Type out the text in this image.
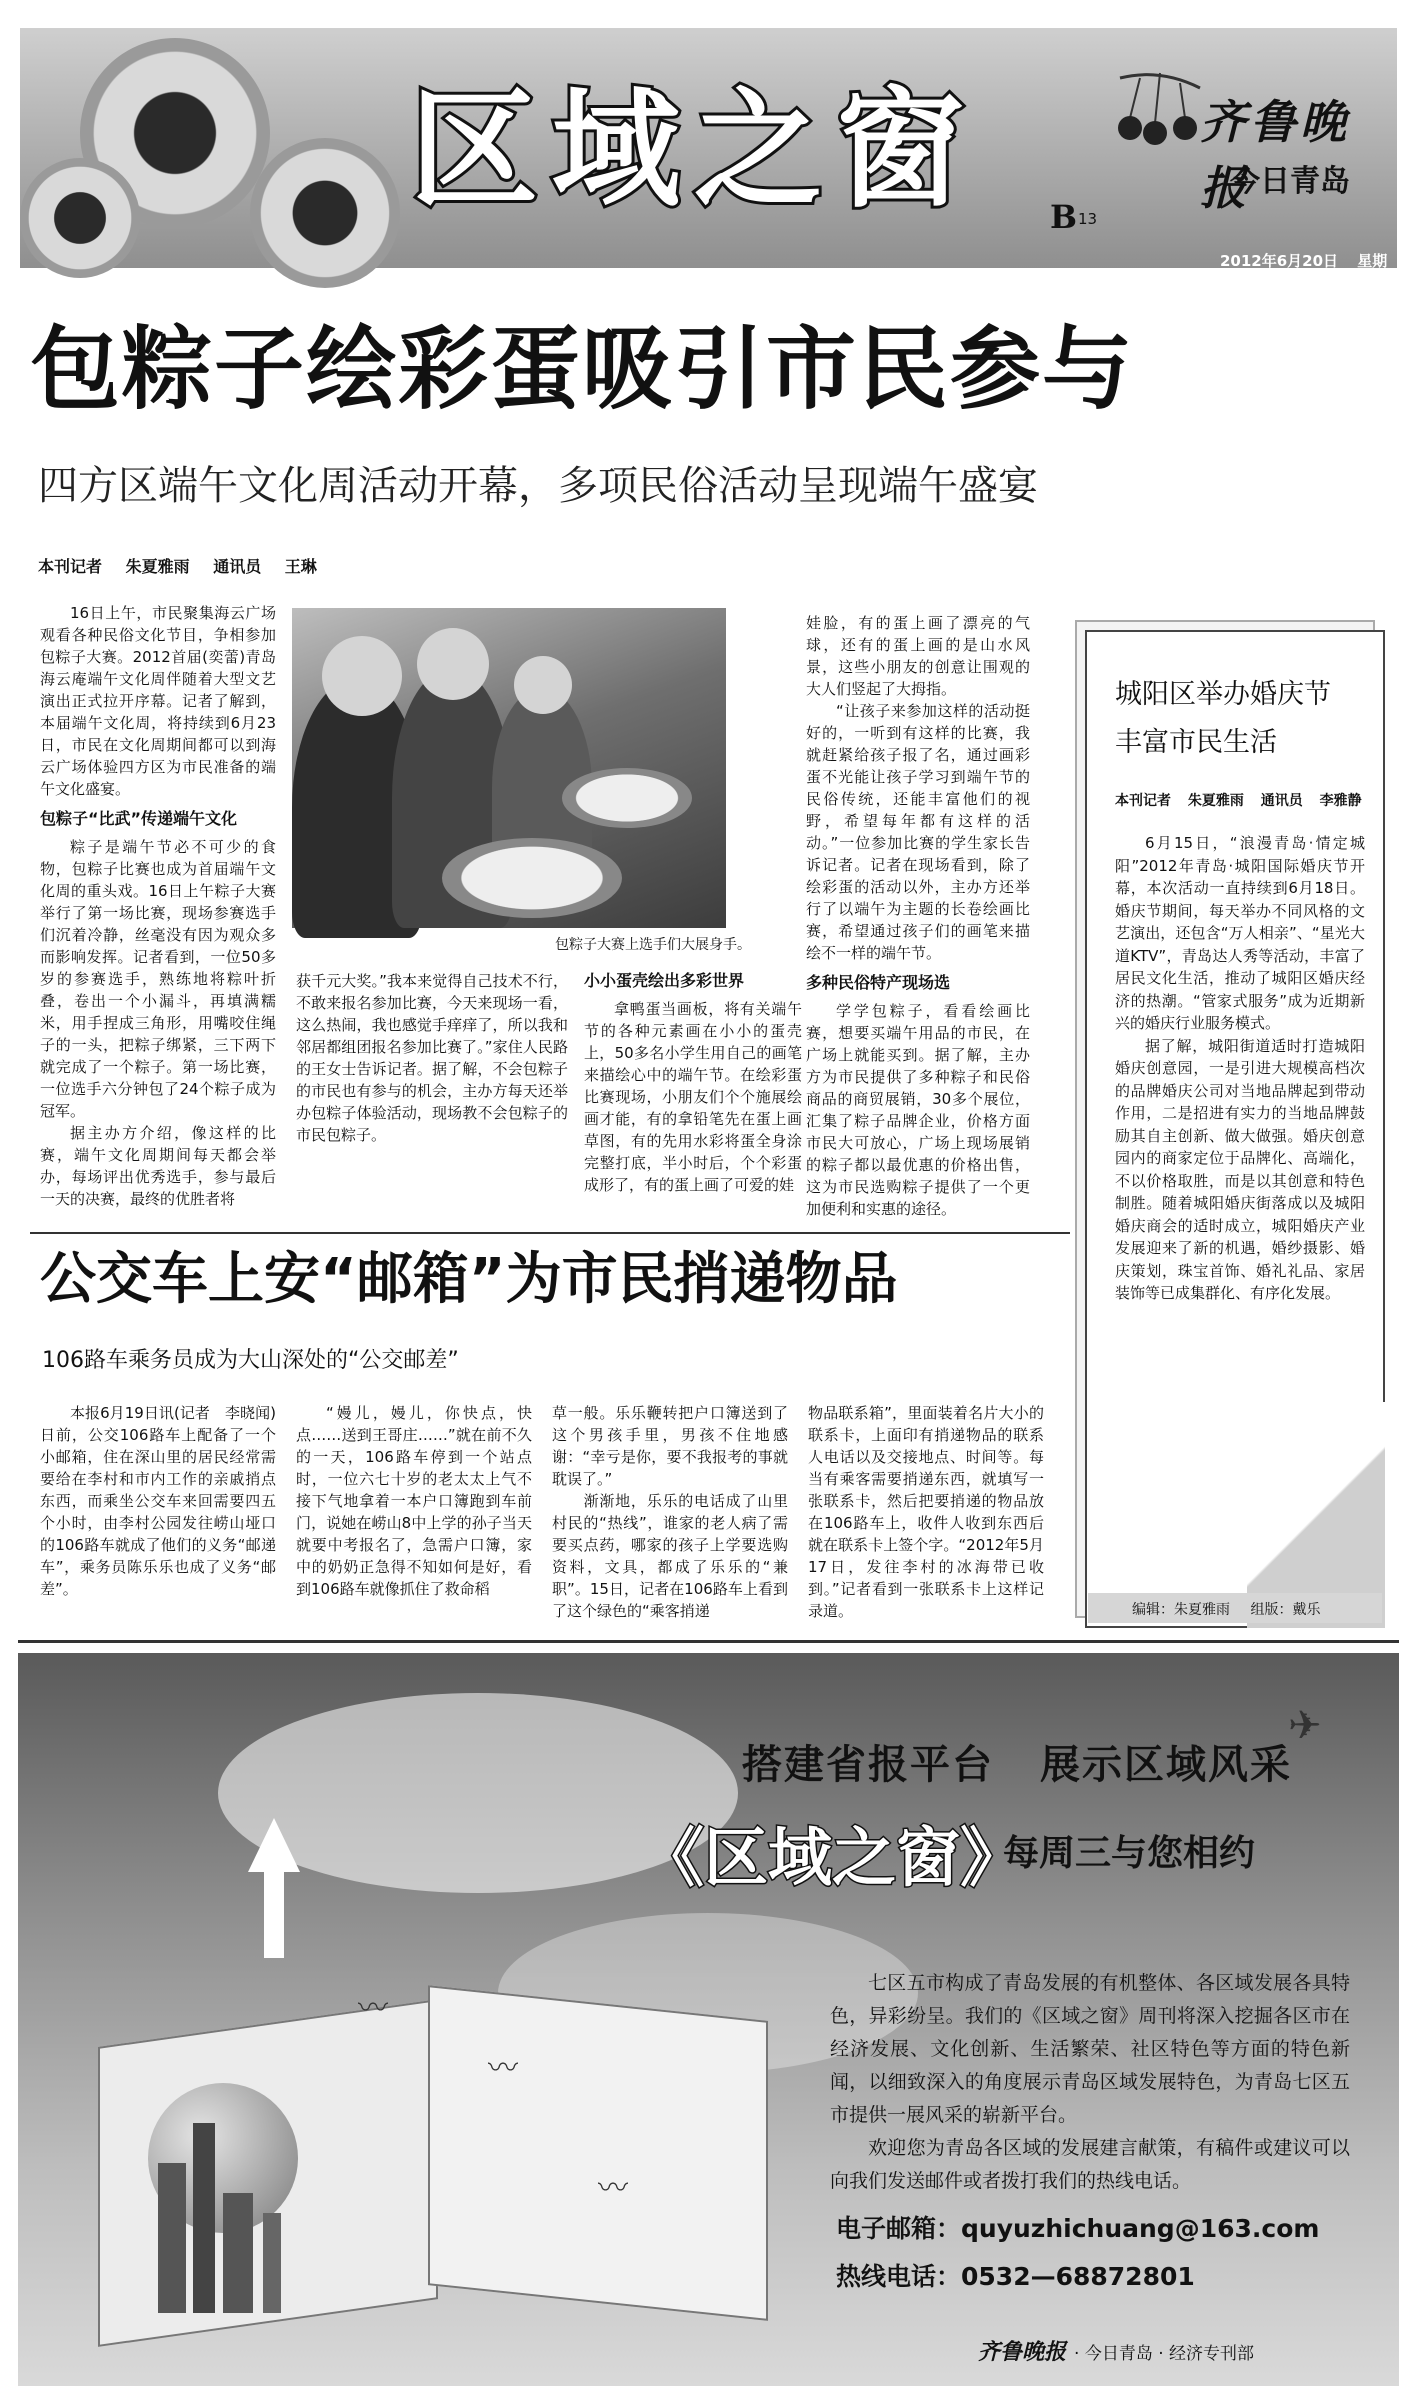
区域之窗	齐鲁晚报
今日青岛
2012年6月20日 星期三
B 13
包粽子绘彩蛋吸引市民参与
四方区端午文化周活动开幕，多项民俗活动呈现端午盛宴
本刊记者 朱夏雅雨 通讯员 王琳

16日上午，市民聚集海云广场观看各种民俗文化节目，争相参加包粽子大赛。2012首届(奕蕾)青岛海云庵端午文化周伴随着大型文艺演出正式拉开序幕。记者了解到，本届端午文化周，将持续到6月23日，市民在文化周期间都可以到海云广场体验四方区为市民准备的端午文化盛宴。

包粽子“比武”传递端午文化

粽子是端午节必不可少的食物，包粽子比赛也成为首届端午文化周的重头戏。16日上午粽子大赛举行了第一场比赛，现场参赛选手们沉着冷静，丝毫没有因为观众多而影响发挥。记者看到，一位50多岁的参赛选手，熟练地将粽叶折叠，卷出一个小漏斗，再填满糯米，用手捏成三角形，用嘴咬住绳子的一头，把粽子绑紧，三下两下就完成了一个粽子。第一场比赛，一位选手六分钟包了24个粽子成为冠军。

据主办方介绍，像这样的比赛，端午文化周期间每天都会举办，每场评出优秀选手，参与最后一天的决赛，最终的优胜者将

包粽子大赛上选手们大展身手。

获千元大奖。”我本来觉得自己技术不行，不敢来报名参加比赛，今天来现场一看，这么热闹，我也感觉手痒痒了，所以我和邻居都组团报名参加比赛了。”家住人民路的王女士告诉记者。据了解，不会包粽子的市民也有参与的机会，主办方每天还举办包粽子体验活动，现场教不会包粽子的市民包粽子。

小小蛋壳绘出多彩世界

拿鸭蛋当画板，将有关端午节的各种元素画在小小的蛋壳上，50多名小学生用自己的画笔来描绘心中的端午节。在绘彩蛋比赛现场，小朋友们个个施展绘画才能，有的拿铅笔先在蛋上画草图，有的先用水彩将蛋全身涂完整打底，半小时后，个个彩蛋成形了，有的蛋上画了可爱的娃

娃脸，有的蛋上画了漂亮的气球，还有的蛋上画的是山水风景，这些小朋友的创意让围观的大人们竖起了大拇指。

“让孩子来参加这样的活动挺好的，一听到有这样的比赛，我就赶紧给孩子报了名，通过画彩蛋不光能让孩子学习到端午节的民俗传统，还能丰富他们的视野，希望每年都有这样的活动。”一位参加比赛的学生家长告诉记者。记者在现场看到，除了绘彩蛋的活动以外，主办方还举行了以端午为主题的长卷绘画比赛，希望通过孩子们的画笔来描绘不一样的端午节。

多种民俗特产现场选

学学包粽子，看看绘画比赛，想要买端午用品的市民，在广场上就能买到。据了解，主办方为市民提供了多种粽子和民俗商品的商贸展销，30多个展位，汇集了粽子品牌企业，价格方面市民大可放心，广场上现场展销的粽子都以最优惠的价格出售，这为市民选购粽子提供了一个更加便利和实惠的途径。

城阳区举办婚庆节
丰富市民生活
本刊记者 朱夏雅雨 通讯员 李雅静

6月15日，“浪漫青岛·情定城阳”2012年青岛·城阳国际婚庆节开幕，本次活动一直持续到6月18日。婚庆节期间，每天举办不同风格的文艺演出，还包含“万人相亲”、“星光大道KTV”，青岛达人秀等活动，丰富了居民文化生活，推动了城阳区婚庆经济的热潮。“管家式服务”成为近期新兴的婚庆行业服务模式。

据了解，城阳街道适时打造城阳婚庆创意园，一是引进大规模高档次的品牌婚庆公司对当地品牌起到带动作用，二是招进有实力的当地品牌鼓励其自主创新、做大做强。婚庆创意园内的商家定位于品牌化、高端化，不以价格取胜，而是以其创意和特色制胜。随着城阳婚庆街落成以及城阳婚庆商会的适时成立，城阳婚庆产业发展迎来了新的机遇，婚纱摄影、婚庆策划，珠宝首饰、婚礼礼品、家居装饰等已成集群化、有序化发展。

编辑：朱夏雅雨 组版：戴乐
公交车上安“邮箱”为市民捎递物品
106路车乘务员成为大山深处的“公交邮差”

本报6月19日讯(记者　李晓闻)　日前，公交106路车上配备了一个小邮箱，住在深山里的居民经常需要给在李村和市内工作的亲戚捎点东西，而乘坐公交车来回需要四五个小时，由李村公园发往崂山垭口的106路车就成了他们的义务“邮递车”，乘务员陈乐乐也成了义务“邮差”。

“嫚儿，嫚儿，你快点，快点……送到王哥庄……”就在前不久的一天，106路车停到一个站点时，一位六七十岁的老太太上气不接下气地拿着一本户口簿跑到车前门，说她在崂山8中上学的孙子当天就要中考报名了，急需户口簿，家中的奶奶正急得不知如何是好，看到106路车就像抓住了救命稻

草一般。乐乐鞭转把户口簿送到了这个男孩手里，男孩不住地感谢：“幸亏是你，要不我报考的事就耽误了。”
　　渐渐地，乐乐的电话成了山里村民的“热线”，谁家的老人病了需要买点药，哪家的孩子上学要选购资料，文具，都成了乐乐的“兼职”。15日，记者在106路车上看到了这个绿色的“乘客捎递

物品联系箱”，里面装着名片大小的联系卡，上面印有捎递物品的联系人电话以及交接地点、时间等。每当有乘客需要捎递东西，就填写一张联系卡，然后把要捎递的物品放在106路车上，收件人收到东西后就在联系卡上签个字。“2012年5月17日，发往李村的冰海带已收到。”记者看到一张联系卡上这样记录道。

✈
〰
〰
〰
搭建省报平台 展示区域风采
《区域之窗》
每周三与您相约

七区五市构成了青岛发展的有机整体、各区域发展各具特色，异彩纷呈。我们的《区域之窗》周刊将深入挖掘各区市在经济发展、文化创新、生活繁荣、社区特色等方面的特色新闻，以细致深入的角度展示青岛区域发展特色，为青岛七区五市提供一展风采的崭新平台。

欢迎您为青岛各区域的发展建言献策，有稿件或建议可以向我们发送邮件或者拨打我们的热线电话。

电子邮箱：quyuzhichuang@163.com
热线电话：0532—68872801
齐鲁晚报 · 今日青岛 · 经济专刊部
